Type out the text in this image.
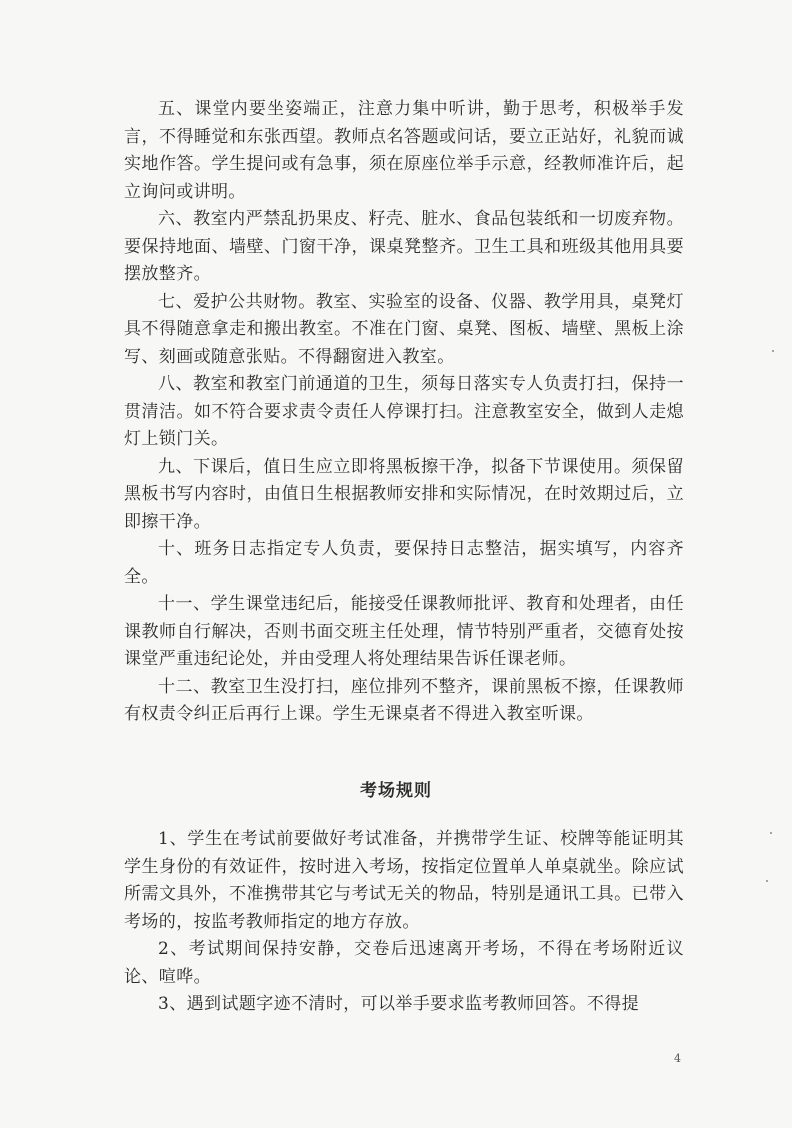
五、课堂内要坐姿端正，注意力集中听讲，勤于思考，积极举手发言，不得睡觉和东张西望。教师点名答题或问话，要立正站好，礼貌而诚实地作答。学生提问或有急事，须在原座位举手示意，经教师准许后，起立询问或讲明。

六、教室内严禁乱扔果皮、籽壳、脏水、食品包装纸和一切废弃物。要保持地面、墙壁、门窗干净，课桌凳整齐。卫生工具和班级其他用具要摆放整齐。

七、爱护公共财物。教室、实验室的设备、仪器、教学用具，桌凳灯具不得随意拿走和搬出教室。不准在门窗、桌凳、图板、墙壁、黑板上涂写、刻画或随意张贴。不得翻窗进入教室。

八、教室和教室门前通道的卫生，须每日落实专人负责打扫，保持一贯清洁。如不符合要求责令责任人停课打扫。注意教室安全，做到人走熄灯上锁门关。

九、下课后，值日生应立即将黑板擦干净，拟备下节课使用。须保留黑板书写内容时，由值日生根据教师安排和实际情况，在时效期过后，立即擦干净。

十、班务日志指定专人负责，要保持日志整洁，据实填写，内容齐全。

十一、学生课堂违纪后，能接受任课教师批评、教育和处理者，由任课教师自行解决，否则书面交班主任处理，情节特别严重者，交德育处按课堂严重违纪论处，并由受理人将处理结果告诉任课老师。

十二、教室卫生没打扫，座位排列不整齐，课前黑板不擦，任课教师有权责令纠正后再行上课。学生无课桌者不得进入教室听课。

考场规则

1、学生在考试前要做好考试准备，并携带学生证、校牌等能证明其学生身份的有效证件，按时进入考场，按指定位置单人单桌就坐。除应试所需文具外，不准携带其它与考试无关的物品，特别是通讯工具。已带入考场的，按监考教师指定的地方存放。

2、考试期间保持安静，交卷后迅速离开考场，不得在考场附近议论、喧哗。

3、遇到试题字迹不清时，可以举手要求监考教师回答。不得提

4
